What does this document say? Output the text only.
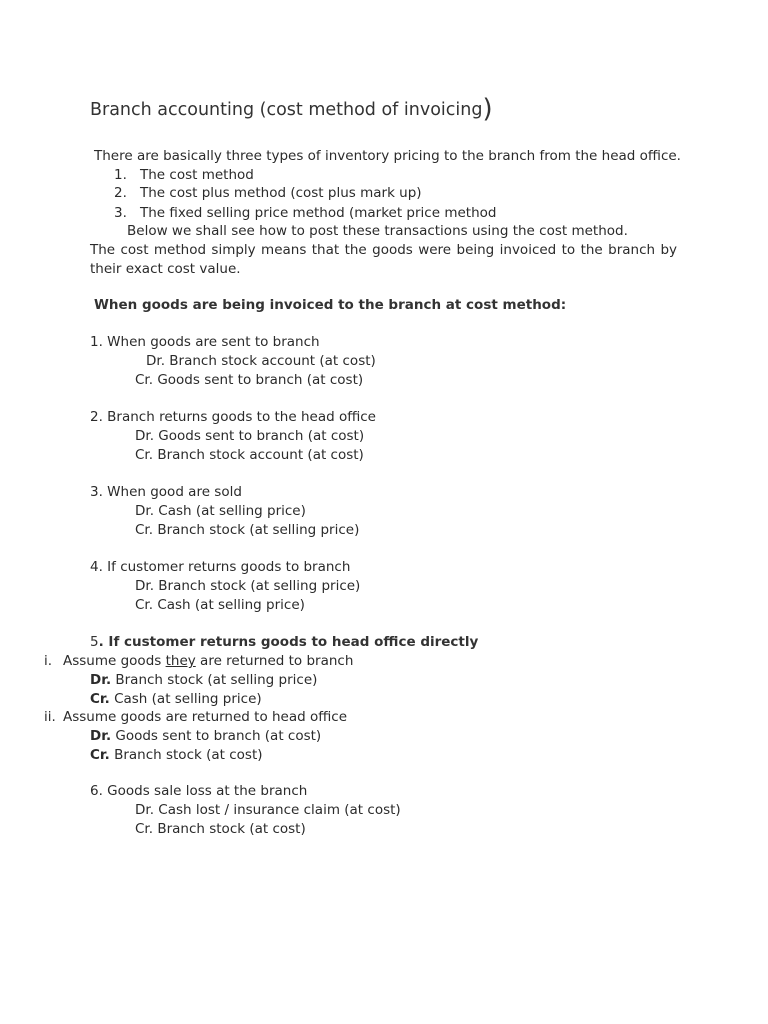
Branch accounting (cost method of invoicing)
There are basically three types of inventory pricing to the branch from the head office.
1. The cost method
2. The cost plus method (cost plus mark up)
3. The fixed selling price method (market price method
Below we shall see how to post these transactions using the cost method.
The cost method simply means that the goods were being invoiced to the branch by
their exact cost value.
When goods are being invoiced to the branch at cost method:
1. When goods are sent to branch
Dr. Branch stock account (at cost)
Cr. Goods sent to branch (at cost)
2. Branch returns goods to the head office
Dr. Goods sent to branch (at cost)
Cr. Branch stock account (at cost)
3. When good are sold
Dr. Cash (at selling price)
Cr. Branch stock (at selling price)
4. If customer returns goods to branch
Dr. Branch stock (at selling price)
Cr. Cash (at selling price)
5. If customer returns goods to head office directly
i. Assume goods they are returned to branch
Dr. Branch stock (at selling price)
Cr. Cash (at selling price)
ii. Assume goods are returned to head office
Dr. Goods sent to branch (at cost)
Cr. Branch stock (at cost)
6. Goods sale loss at the branch
Dr. Cash lost / insurance claim (at cost)
Cr. Branch stock (at cost)
